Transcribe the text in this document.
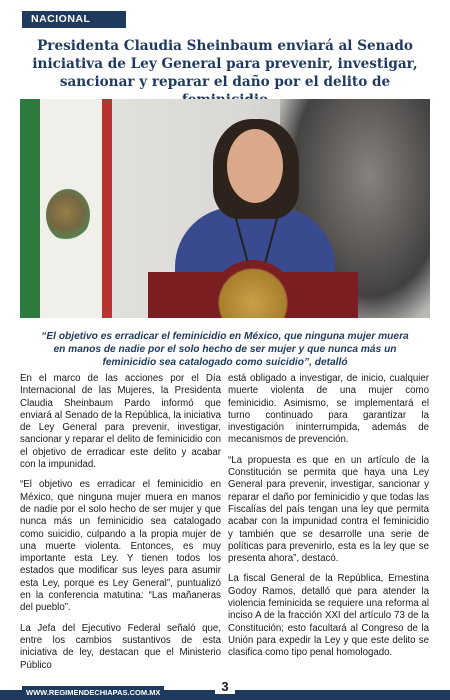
NACIONAL
Presidenta Claudia Sheinbaum enviará al Senado iniciativa de Ley General para prevenir, investigar, sancionar y reparar el daño por el delito de
“El objetivo es erradicar el feminicidio en México, que ninguna mujer muera en manos de nadie por el solo hecho de ser mujer y que nunca más un feminicidio sea catalogado como suicidio”, detalló

En el marco de las acciones por el Día Internacional de las Mujeres, la Presidenta Claudia Sheinbaum Pardo informó que enviará al Senado de la República, la iniciativa de Ley General para prevenir, investigar, sancionar y reparar el delito de feminicidio con el objetivo de erradicar este delito y acabar con la impunidad.

“El objetivo es erradicar el feminicidio en México, que ninguna mujer muera en manos de nadie por el solo hecho de ser mujer y que nunca más un feminicidio sea catalogado como suicidio, culpando a la propia mujer de una muerte violenta. Entonces, es muy importante esta Ley. Y tienen todos los estados que modificar sus leyes para asumir esta Ley, porque es Ley General”, puntualizó en la conferencia matutina: “Las mañaneras del pueblo”.

La Jefa del Ejecutivo Federal señaló que, entre los cambios sustantivos de esta iniciativa de ley, destacan que el Ministerio Público

está obligado a investigar, de inicio, cualquier muerte violenta de una mujer como feminicidio. Asimismo, se implementará el turno continuado para garantizar la investigación ininterrumpida, además de mecanismos de prevención.

“La propuesta es que en un artículo de la Constitución se permita que haya una Ley General para prevenir, investigar, sancionar y reparar el daño por feminicidio y que todas las Fiscalías del país tengan una ley que permita acabar con la impunidad contra el feminicidio y también que se desarrolle una serie de políticas para prevenirlo, esta es la ley que se presenta ahora”, destacó.

La fiscal General de la República, Ernestina Godoy Ramos, detalló que para atender la violencia feminicida se requiere una reforma al inciso A de la fracción XXI del artículo 73 de la Constitución; esto facultará al Congreso de la Unión para expedir la Ley y que este delito se clasifica como tipo penal homologado.

WWW.REGIMENDECHIAPAS.COM.MX	3
